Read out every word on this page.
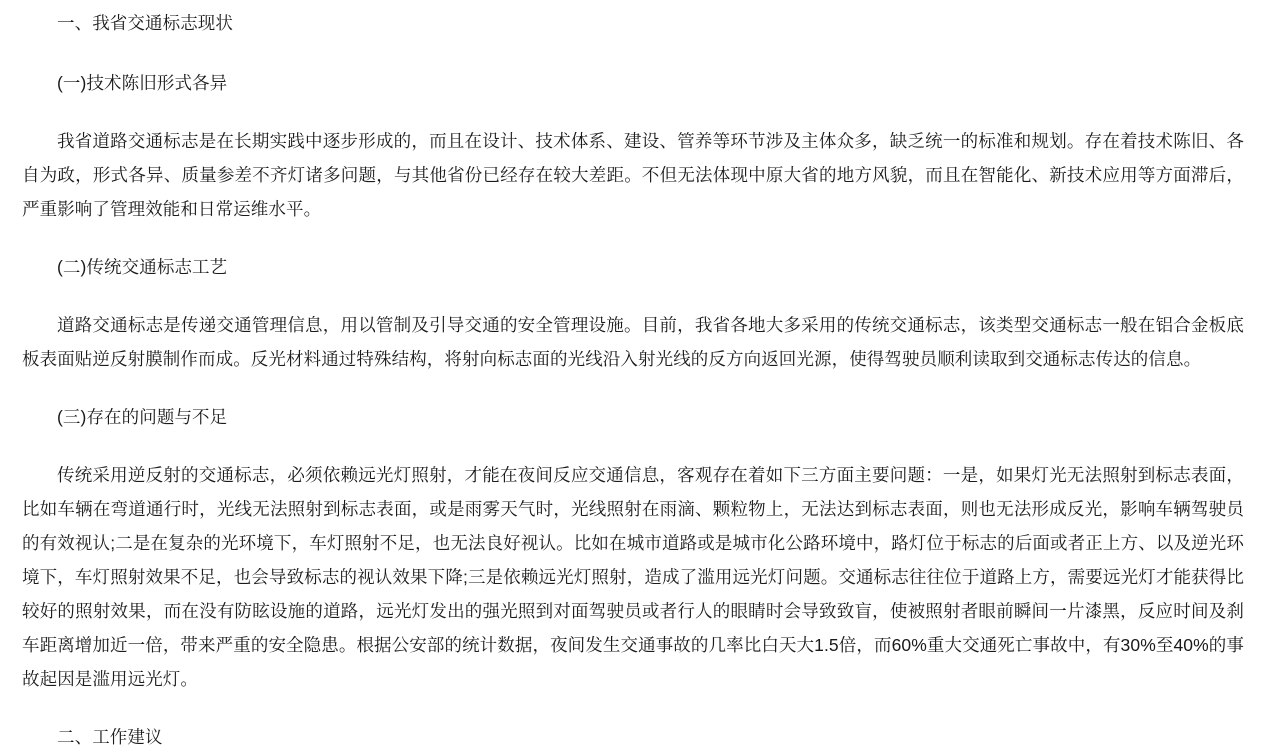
一、我省交通标志现状

(一)技术陈旧形式各异

我省道路交通标志是在长期实践中逐步形成的，而且在设计、技术体系、建设、管养等环节涉及主体众多，缺乏统一的标准和规划。存在着技术陈旧、各自为政，形式各异、质量参差不齐灯诸多问题，与其他省份已经存在较大差距。不但无法体现中原大省的地方风貌，而且在智能化、新技术应用等方面滞后，严重影响了管理效能和日常运维水平。

(二)传统交通标志工艺

道路交通标志是传递交通管理信息，用以管制及引导交通的安全管理设施。目前，我省各地大多采用的传统交通标志，该类型交通标志一般在铝合金板底板表面贴逆反射膜制作而成。反光材料通过特殊结构，将射向标志面的光线沿入射光线的反方向返回光源，使得驾驶员顺利读取到交通标志传达的信息。

(三)存在的问题与不足

传统采用逆反射的交通标志，必须依赖远光灯照射，才能在夜间反应交通信息，客观存在着如下三方面主要问题：一是，如果灯光无法照射到标志表面，比如车辆在弯道通行时，光线无法照射到标志表面，或是雨雾天气时，光线照射在雨滴、颗粒物上，无法达到标志表面，则也无法形成反光，影响车辆驾驶员的有效视认;二是在复杂的光环境下，车灯照射不足，也无法良好视认。比如在城市道路或是城市化公路环境中，路灯位于标志的后面或者正上方、以及逆光环境下，车灯照射效果不足，也会导致标志的视认效果下降;三是依赖远光灯照射，造成了滥用远光灯问题。交通标志往往位于道路上方，需要远光灯才能获得比较好的照射效果，而在没有防眩设施的道路，远光灯发出的强光照到对面驾驶员或者行人的眼睛时会导致致盲，使被照射者眼前瞬间一片漆黑，反应时间及刹车距离增加近一倍，带来严重的安全隐患。根据公安部的统计数据，夜间发生交通事故的几率比白天大1.5倍，而60%重大交通死亡事故中，有30%至40%的事故起因是滥用远光灯。

二、工作建议
